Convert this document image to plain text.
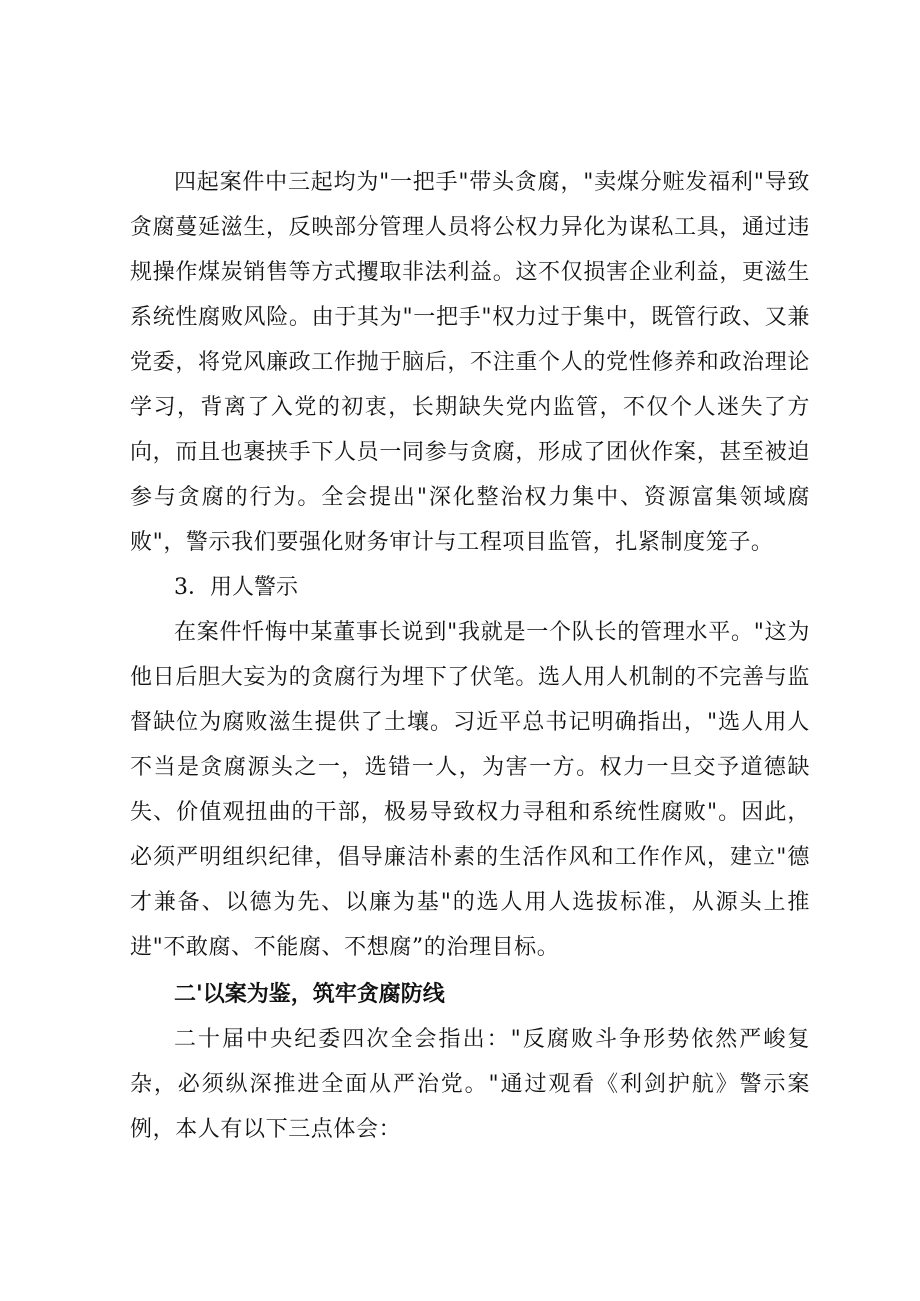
四起案件中三起均为"一把手"带头贪腐，"卖煤分赃发福利"导致贪腐蔓延滋生，反映部分管理人员将公权力异化为谋私工具，通过违规操作煤炭销售等方式攫取非法利益。这不仅损害企业利益，更滋生系统性腐败风险。由于其为"一把手"权力过于集中，既管行政、又兼党委，将党风廉政工作抛于脑后，不注重个人的党性修养和政治理论学习，背离了入党的初衷，长期缺失党内监管，不仅个人迷失了方向，而且也裹挟手下人员一同参与贪腐，形成了团伙作案，甚至被迫参与贪腐的行为。全会提出"深化整治权力集中、资源富集领域腐败"，警示我们要强化财务审计与工程项目监管，扎紧制度笼子。

3．用人警示

在案件忏悔中某董事长说到"我就是一个队长的管理水平。"这为他日后胆大妄为的贪腐行为埋下了伏笔。选人用人机制的不完善与监督缺位为腐败滋生提供了土壤。习近平总书记明确指出，"选人用人不当是贪腐源头之一，选错一人，为害一方。权力一旦交予道德缺失、价值观扭曲的干部，极易导致权力寻租和系统性腐败"。因此，必须严明组织纪律，倡导廉洁朴素的生活作风和工作作风，建立"德才兼备、以德为先、以廉为基"的选人用人选拔标准，从源头上推进"不敢腐、不能腐、不想腐”的治理目标。

二'以案为鉴，筑牢贪腐防线

二十届中央纪委四次全会指出："反腐败斗争形势依然严峻复杂，必须纵深推进全面从严治党。"通过观看《利剑护航》警示案例，本人有以下三点体会：
